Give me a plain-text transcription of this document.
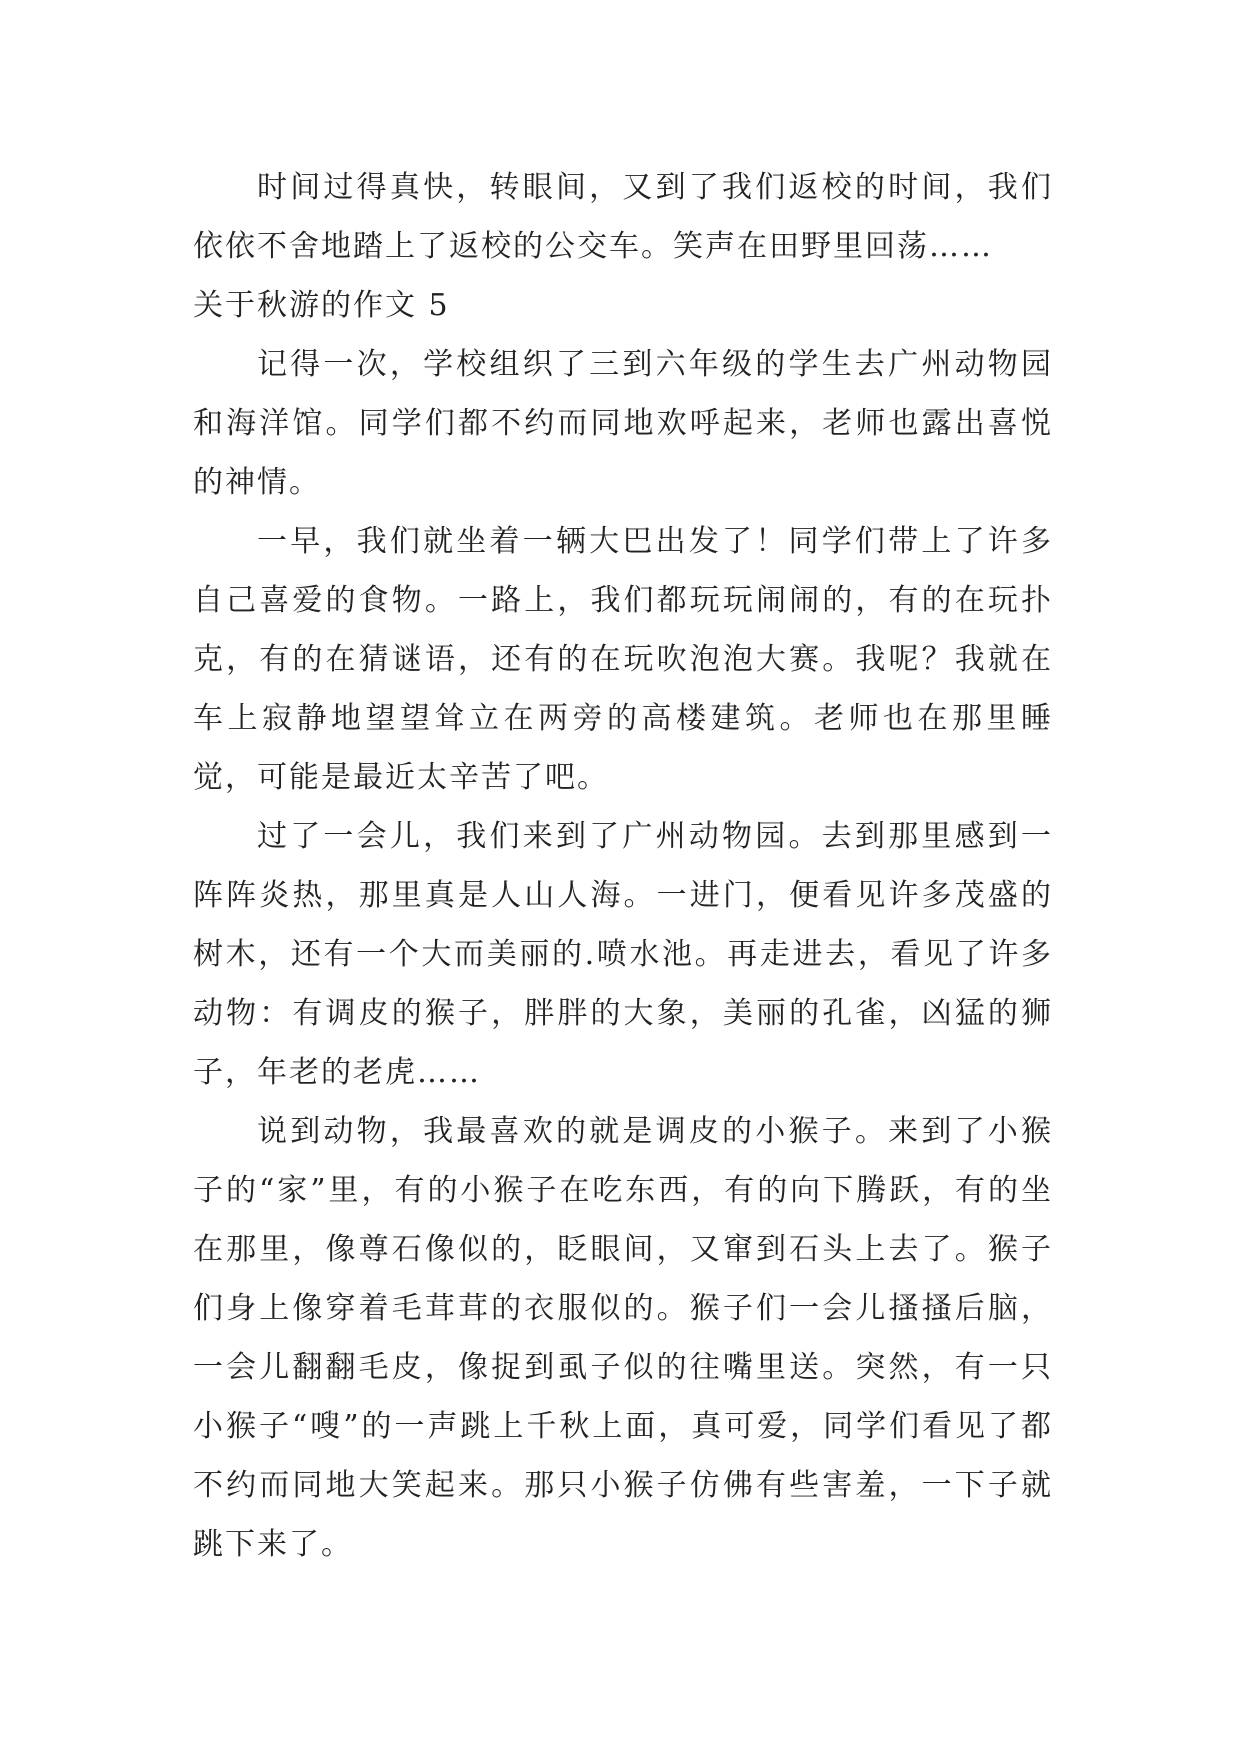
时间过得真快，转眼间，又到了我们返校的时间，我们依依不舍地踏上了返校的公交车。笑声在田野里回荡……

关于秋游的作文 5

记得一次，学校组织了三到六年级的学生去广州动物园和海洋馆。同学们都不约而同地欢呼起来，老师也露出喜悦的神情。

一早，我们就坐着一辆大巴出发了！同学们带上了许多自己喜爱的食物。一路上，我们都玩玩闹闹的，有的在玩扑克，有的在猜谜语，还有的在玩吹泡泡大赛。我呢？我就在车上寂静地望望耸立在两旁的高楼建筑。老师也在那里睡觉，可能是最近太辛苦了吧。

过了一会儿，我们来到了广州动物园。去到那里感到一阵阵炎热，那里真是人山人海。一进门，便看见许多茂盛的树木，还有一个大而美丽的.喷水池。再走进去，看见了许多动物：有调皮的猴子，胖胖的大象，美丽的孔雀，凶猛的狮子，年老的老虎……

说到动物，我最喜欢的就是调皮的小猴子。来到了小猴子的“家”里，有的小猴子在吃东西，有的向下腾跃，有的坐在那里，像尊石像似的，眨眼间，又窜到石头上去了。猴子们身上像穿着毛茸茸的衣服似的。猴子们一会儿搔搔后脑，一会儿翻翻毛皮，像捉到虱子似的往嘴里送。突然，有一只小猴子“嗖”的一声跳上千秋上面，真可爱，同学们看见了都不约而同地大笑起来。那只小猴子仿佛有些害羞，一下子就跳下来了。
